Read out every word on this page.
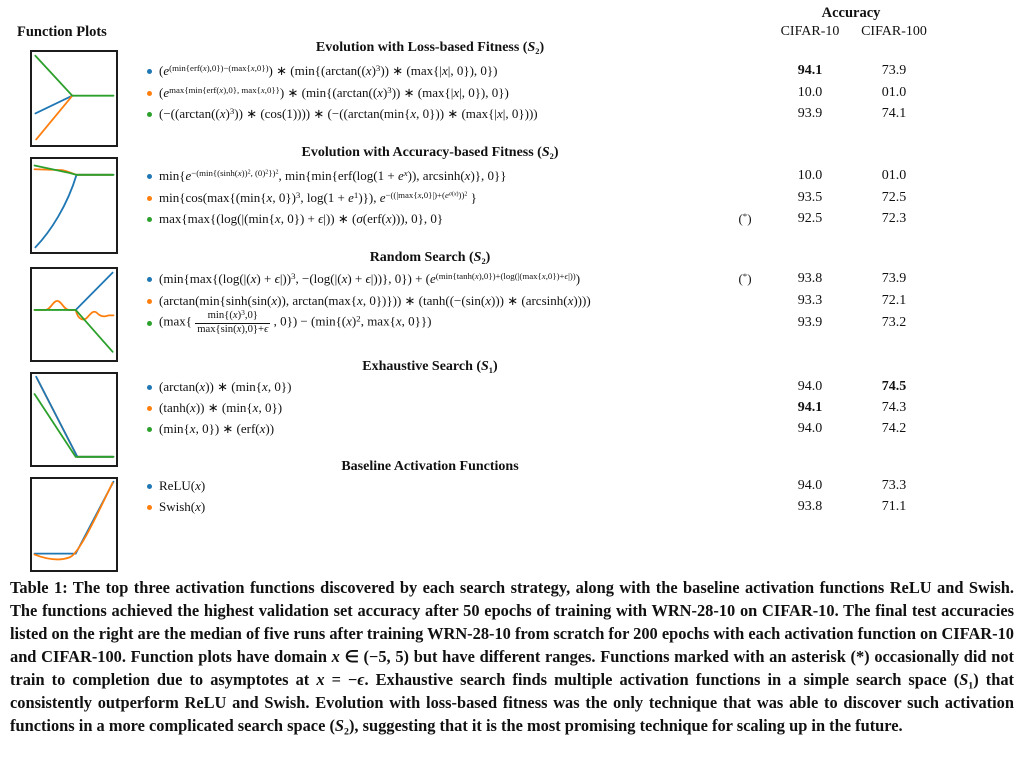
Function Plots
Accuracy
CIFAR-10	CIFAR-100
Evolution with Loss-based Fitness (S₂)
$(e^{(min\{erf(x),0\})-(max\{x,0\})})$ ∗ ($\min\{(\arctan((x)^3))$ ∗ (max{|x|, 0}), 0})	94.1	73.9
$(e^{max\{min\{erf(x),0\}, max\{x,0\}\}})$ ∗ ($\min\{(\arctan((x)^3))$ ∗ (max{|x|, 0}), 0})	10.0	01.0
($-((\arctan((x)^3))$ ∗ (cos(1)))) ∗ (−((arctan(min{x, 0})) ∗ (max{|x|, 0})))	93.9	74.1
Evolution with Accuracy-based Fitness (S₂)
$\min\{e^{-(min\{(sinh(x))^2, (0)^2\})^2}$, $\min\{\min\{erf(\log(1 + e^x))$, arcsinh(x)}, 0}}	10.0	01.0
min{cos(max{(min{x, 0})$^3$, $\log(1 + e^1)$}), $e^{-((|max\{x,0\}|)+(e^{\sigma(x)}))^2}$ }	93.5	72.5
max{max{(log(|(min{x, 0}) + ϵ|)) ∗ (σ(erf(x))), 0}, 0}	(*)	92.5	72.3
Random Search (S₂)
($\min\{\max\{(\log(|(x) + \epsilon|))^3$, −(log(|(x) + ϵ|))}, $0\}) + (e^{(min\{tanh(x),0\})+(log(|(max\{x,0\})+\epsilon|))})$	(*)	93.8	73.9
(arctan(min{sinh(sin(x)), arctan(max{x, 0})})) ∗ (tanh((−(sin(x))) ∗ (arcsinh(x))))	93.3	72.1
($\max\{ \frac{\min\{(x)^3,0\}}{\max\{\sin(x),0\}+\epsilon}$ , $0\}) - (\min\{(x)^2$, max{x, 0}})	93.9	73.2
Exhaustive Search (S₁)
(arctan(x)) ∗ (min{x, 0})	94.0	74.5
(tanh(x)) ∗ (min{x, 0})	94.1	74.3
(min{x, 0}) ∗ (erf(x))	94.0	74.2
Baseline Activation Functions
ReLU(x)	94.0	73.3
Swish(x)	93.8	71.1
Table 1: The top three activation functions discovered by each search strategy, along with the baseline activation functions ReLU and Swish. The functions achieved the highest validation set accuracy after 50 epochs of training with WRN-28-10 on CIFAR-10. The final test accuracies listed on the right are the median of five runs after training WRN-28-10 from scratch for 200 epochs with each activation function on CIFAR-10 and CIFAR-100. Function plots have domain x ∈ (−5, 5) but have different ranges. Functions marked with an asterisk (*) occasionally did not train to completion due to asymptotes at x = −ϵ. Exhaustive search finds multiple activation functions in a simple search space (S₁) that consistently outperform ReLU and Swish. Evolution with loss-based fitness was the only technique that was able to discover such activation functions in a more complicated search space (S₂), suggesting that it is the most promising technique for scaling up in the future.
